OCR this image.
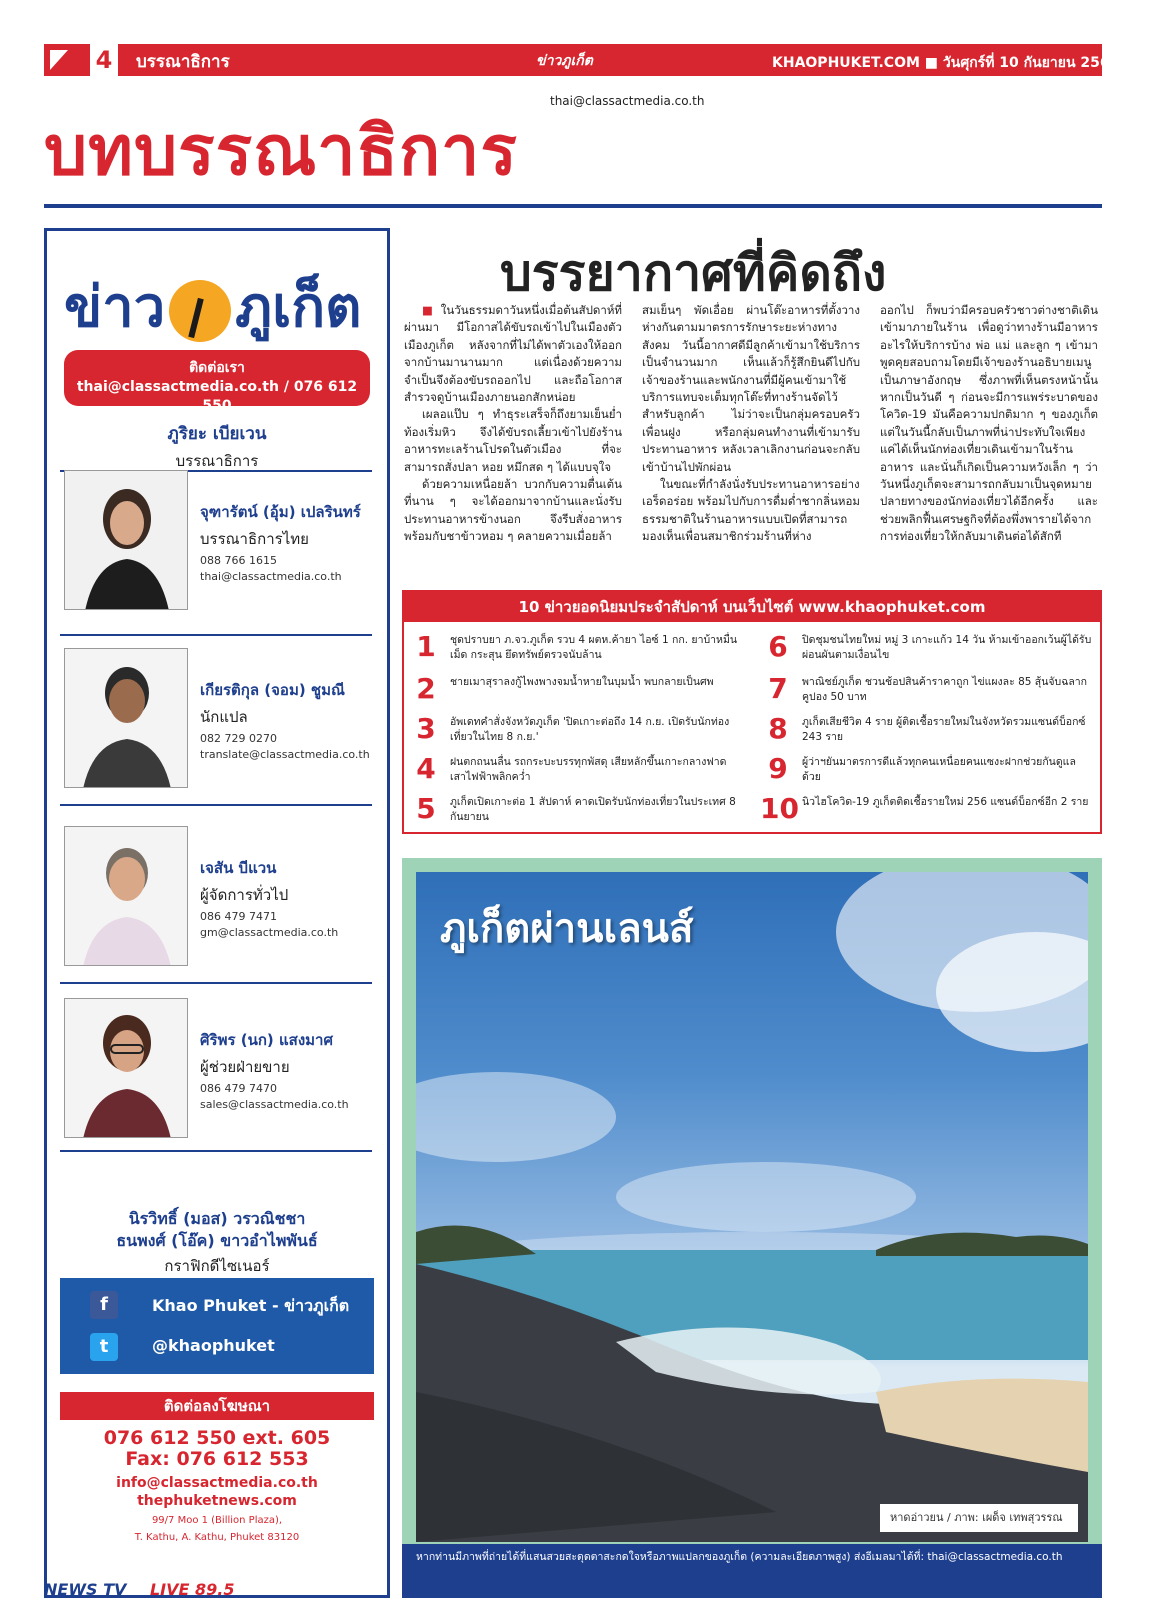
4	บรรณาธิการ	ข่าวภูเก็ต	KHAOPHUKET.COM ■ วันศุกร์ที่ 10 กันยายน 2564
thai@classactmedia.co.th
บทบรรณาธิการ
ข่าว ภูเก็ต
ติดต่อเรา
thai@classactmedia.co.th / 076 612 550
ภูริยะ เบียเวน
บรรณาธิการ
จุฑารัตน์ (อุ้ม) เปลรินทร์
บรรณาธิการไทย
088 766 1615
thai@classactmedia.co.th
เกียรติกุล (จอม) ชูมณี
นักแปล
082 729 0270
translate@classactmedia.co.th
เจสัน บีแวน
ผู้จัดการทั่วไป
086 479 7471
gm@classactmedia.co.th
ศิริพร (นก) แสงมาศ
ผู้ช่วยฝ่ายขาย
086 479 7470
sales@classactmedia.co.th
นิรวิทธิ์ (มอส) วรวณิชชา
ธนพงศ์ (โอ๊ค) ขาวอำไพพันธ์
กราฟิกดีไซเนอร์
f	Khao Phuket - ข่าวภูเก็ต
t	@khaophuket
ติดต่อลงโฆษณา
076 612 550 ext. 605
Fax: 076 612 553
info@classactmedia.co.th
thephuketnews.com
99/7 Moo 1 (Billion Plaza),
T. Kathu, A. Kathu, Phuket 83120
บรรยากาศที่คิดถึง

■ในวันธรรมดาวันหนึ่งเมื่อต้นสัปดาห์ที่ผ่านมา มีโอกาสได้ขับรถเข้าไปในเมืองตัวเมืองภูเก็ต หลังจากที่ไม่ได้พาตัวเองให้ออกจากบ้านมานานมาก แต่เนื่องด้วยความจำเป็นจึงต้องขับรถออกไป และถือโอกาสสำรวจดูบ้านเมืองภายนอกสักหน่อย

เผลอแป๊บ ๆ ทำธุระเสร็จก็ถึงยามเย็นย่ำท้องเริ่มหิว จึงได้ขับรถเลี้ยวเข้าไปยังร้านอาหารทะเลร้านโปรดในตัวเมือง ที่จะสามารถสั่งปลา หอย หมึกสด ๆ ได้แบบจุใจ

ด้วยความเหนื่อยล้า บวกกับความตื่นเต้นที่นาน ๆ จะได้ออกมาจากบ้านและนั่งรับประทานอาหารข้างนอก จึงรีบสั่งอาหารพร้อมกับชาข้าวหอม ๆ คลายความเมื่อยล้า

สมเย็นๆ พัดเอื่อย ผ่านโต๊ะอาหารที่ตั้งวางห่างกันตามมาตรการรักษาระยะห่างทางสังคม วันนี้อากาศดีมีลูกค้าเข้ามาใช้บริการเป็นจำนวนมาก เห็นแล้วก็รู้สึกยินดีไปกับเจ้าของร้านและพนักงานที่มีผู้คนเข้ามาใช้บริการแทบจะเต็มทุกโต๊ะที่ทางร้านจัดไว้สำหรับลูกค้า ไม่ว่าจะเป็นกลุ่มครอบครัว เพื่อนฝูง หรือกลุ่มคนทำงานที่เข้ามารับประทานอาหาร หลังเวลาเลิกงานก่อนจะกลับเข้าบ้านไปพักผ่อน

ในขณะที่กำลังนั่งรับประทานอาหารอย่างเอร็ดอร่อย พร้อมไปกับการดื่มด่ำชากลิ่นหอมธรรมชาติในร้านอาหารแบบเปิดที่สามารถมองเห็นเพื่อนสมาชิกร่วมร้านที่ห่าง

ออกไป ก็พบว่ามีครอบครัวชาวต่างชาติเดินเข้ามาภายในร้าน เพื่อดูว่าทางร้านมีอาหารอะไรให้บริการบ้าง พ่อ แม่ และลูก ๆ เข้ามาพูดคุยสอบถามโดยมีเจ้าของร้านอธิบายเมนูเป็นภาษาอังกฤษ ซึ่งภาพที่เห็นตรงหน้านั้นหากเป็นวันดี ๆ ก่อนจะมีการแพร่ระบาดของโควิด-19 มันคือความปกติมาก ๆ ของภูเก็ต แต่ในวันนี้กลับเป็นภาพที่น่าประทับใจเพียงแค่ได้เห็นนักท่องเที่ยวเดินเข้ามาในร้านอาหาร และนั่นก็เกิดเป็นความหวังเล็ก ๆ ว่าวันหนึ่งภูเก็ตจะสามารถกลับมาเป็นจุดหมายปลายทางของนักท่องเที่ยวได้อีกครั้ง และช่วยพลิกฟื้นเศรษฐกิจที่ต้องพึ่งพารายได้จากการท่องเที่ยวให้กลับมาเดินต่อได้สักที

10 ข่าวยอดนิยมประจำสัปดาห์ บนเว็บไซต์ www.khaophuket.com
1	ชุดปราบยา ภ.จว.ภูเก็ต รวบ 4 ผตห.ค้ายา ไอซ์ 1 กก. ยาบ้าหมื่นเม็ด กระสุน ยึดทรัพย์ตรวจนับล้าน
2	ชายเมาสุราลงกู้ไพงพางจมน้ำหายในบุมน้ำ พบกลายเป็นศพ
3	อัพเดทคำสั่งจังหวัดภูเก็ต 'ปิดเกาะต่อถึง 14 ก.ย. เปิดรับนักท่องเที่ยวในไทย 8 ก.ย.'
4	ฝนตกถนนลื่น รถกระบะบรรทุกพัสดุ เสียหลักขึ้นเกาะกลางฟาดเสาไฟฟ้าพลิกคว่ำ
5	ภูเก็ตเปิดเกาะต่อ 1 สัปดาห์ คาดเปิดรับนักท่องเที่ยวในประเทศ 8 กันยายน
6	ปิดชุมชนไทยใหม่ หมู่ 3 เกาะแก้ว 14 วัน ห้ามเข้าออกเว้นผู้ได้รับผ่อนผันตามเงื่อนไข
7	พาณิชย์ภูเก็ต ชวนช้อปสินค้าราคาถูก ไข่แผงละ 85 สุ้นจับฉลากคูปอง 50 บาท
8	ภูเก็ตเสียชีวิต 4 ราย ผู้ติดเชื้อรายใหม่ในจังหวัดรวมแซนด์บ็อกซ์ 243 ราย
9	ผู้ว่าฯยันมาตรการดีแล้วทุกคนเหนื่อยคนแซงะฝากช่วยกันดูแลด้วย
10 นิวไฮโควิด-19 ภูเก็ตติดเชื้อรายใหม่ 256 แซนด์บ็อกซ์อีก 2 ราย
ภูเก็ตผ่านเลนส์
หาดอ่าวยน / ภาพ: เผด็จ เทพสุวรรณ
หากท่านมีภาพที่ถ่ายได้ที่แสนสวยสะดุดตาสะกดใจหรือภาพแปลกของภูเก็ต (ความละเอียดภาพสูง) ส่งอีเมลมาได้ที่: thai@classactmedia.co.th
NEWS TV LIVE 89.5
